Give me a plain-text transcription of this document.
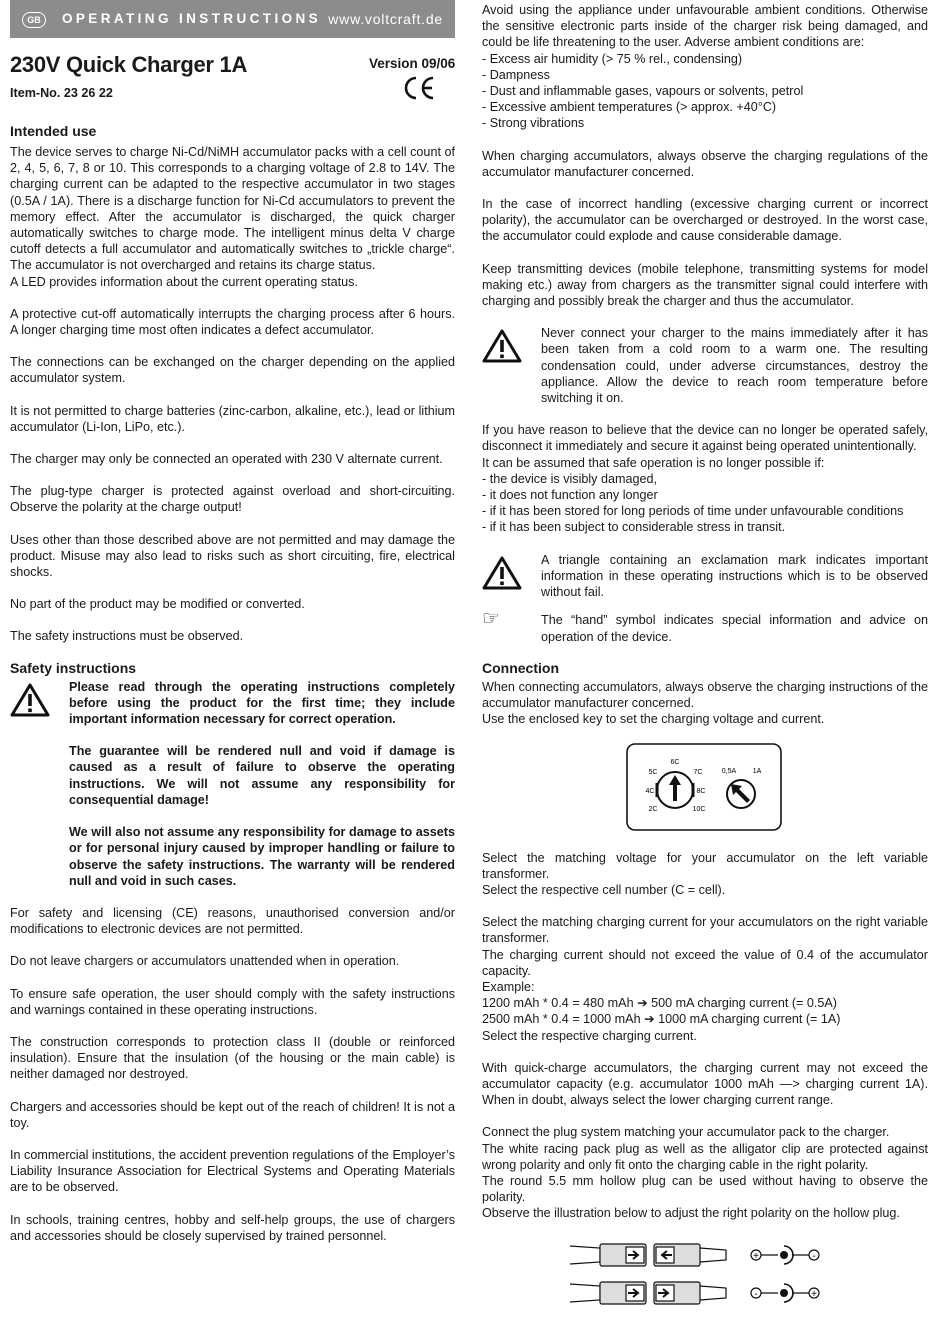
GB	OPERATING INSTRUCTIONS www.voltcraft.de
230V Quick Charger 1A	Version 09/06
Item-No. 23 26 22
Intended use

The device serves to charge Ni-Cd/NiMH accumulator packs with a cell count of 2, 4, 5, 6, 7, 8 or 10. This corresponds to a charging voltage of 2.8 to 14V. The charging current can be adapted to the respective accumulator in two stages (0.5A / 1A). There is a discharge function for Ni-Cd accumulators to prevent the memory effect. After the accumulator is discharged, the quick charger automatically switches to charge mode. The intelligent minus delta V charge cutoff detects a full accumulator and automatically switches to „trickle charge“. The accumulator is not overcharged and retains its charge status.

A LED provides information about the current operating status.

A protective cut-off automatically interrupts the charging process after 6 hours. A longer charging time most often indicates a defect accumulator.

The connections can be exchanged on the charger depending on the applied accumulator system.

It is not permitted to charge batteries (zinc-carbon, alkaline, etc.), lead or lithium accumulator (Li-Ion, LiPo, etc.).

The charger may only be connected an operated with 230 V alternate current.

The plug-type charger is protected against overload and short-circuiting. Observe the polarity at the charge output!

Uses other than those described above are not permitted and may damage the product. Misuse may also lead to risks such as short circuiting, fire, electrical shocks.

No part of the product may be modified or converted.

The safety instructions must be observed.

Safety instructions

Please read through the operating instructions completely before using the product for the first time; they include important information necessary for correct operation.

The guarantee will be rendered null and void if damage is caused as a result of failure to observe the operating instructions. We will not assume any responsibility for consequential damage!

We will also not assume any responsibility for damage to assets or for personal injury caused by improper handling or failure to observe the safety instructions. The warranty will be rendered null and void in such cases.

For safety and licensing (CE) reasons, unauthorised conversion and/or modifications to electronic devices are not permitted.

Do not leave chargers or accumulators unattended when in operation.

To ensure safe operation, the user should comply with the safety instructions and warnings contained in these operating instructions.

The construction corresponds to protection class II (double or reinforced insulation). Ensure that the insulation (of the housing or the main cable) is neither damaged nor destroyed.

Chargers and accessories should be kept out of the reach of children! It is not a toy.

In commercial institutions, the accident prevention regulations of the Employer’s Liability Insurance Association for Electrical Systems and Operating Materials are to be observed.

In schools, training centres, hobby and self-help groups, the use of chargers and accessories should be closely supervised by trained personnel.

Avoid using the appliance under unfavourable ambient conditions. Otherwise the sensitive electronic parts inside of the charger risk being damaged, and could be life threatening to the user. Adverse ambient conditions are:

- Excess air humidity (> 75 % rel., condensing)
- Dampness
- Dust and inflammable gases, vapours or solvents, petrol
- Excessive ambient temperatures (> approx. +40°C)
- Strong vibrations

When charging accumulators, always observe the charging regulations of the accumulator manufacturer concerned.

In the case of incorrect handling (excessive charging current or incorrect polarity), the accumulator can be overcharged or destroyed. In the worst case, the accumulator could explode and cause considerable damage.

Keep transmitting devices (mobile telephone, transmitting systems for model making etc.) away from chargers as the transmitter signal could interfere with charging and possibly break the charger and thus the accumulator.

Never connect your charger to the mains immediately after it has been taken from a cold room to a warm one. The resulting condensation could, under adverse circumstances, destroy the appliance. Allow the device to reach room temperature before switching it on.

If you have reason to believe that the device can no longer be operated safely, disconnect it immediately and secure it against being operated unintentionally.

It can be assumed that safe operation is no longer possible if:

- the device is visibly damaged,
- it does not function any longer
- if it has been stored for long periods of time under unfavourable conditions
- if it has been subject to considerable stress in transit.

A triangle containing an exclamation mark indicates important information in these operating instructions which is to be observed without fail.

☞	The “hand” symbol indicates special information and advice on operation of the device.

Connection

When connecting accumulators, always observe the charging instructions of the accumulator manufacturer concerned.

Use the enclosed key to set the charging voltage and current.

6C
5C	7C
4C	8C
2C	10C
0,5A 1A

Select the matching voltage for your accumulator on the left variable transformer.

Select the respective cell number (C = cell).

Select the matching charging current for your accumulators on the right variable transformer.

The charging current should not exceed the value of 0.4 of the accumulator capacity.

Example:

1200 mAh * 0.4 = 480 mAh ➔ 500 mA charging current (= 0.5A)

2500 mAh * 0.4 = 1000 mAh ➔ 1000 mA charging current (= 1A)

Select the respective charging current.

With quick-charge accumulators, the charging current may not exceed the accumulator capacity (e.g. accumulator 1000 mAh —> charging current 1A). When in doubt, always select the lower charging current range.

Connect the plug system matching your accumulator pack to the charger.

The white racing pack plug as well as the alligator clip are protected against wrong polarity and only fit onto the charging cable in the right polarity.

The round 5.5 mm hollow plug can be used without having to observe the polarity.

Observe the illustration below to adjust the right polarity on the hollow plug.

+	-
-	+
